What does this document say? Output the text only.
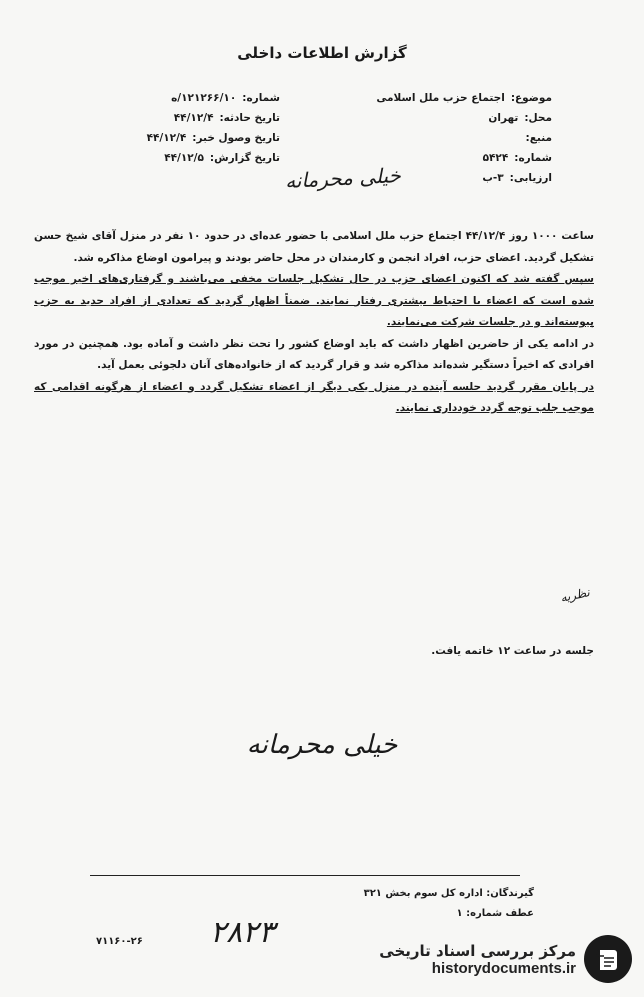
گزارش اطلاعات داخلی
موضوع:
اجتماع حزب ملل اسلامی
محل:
تهران
منبع:
شماره:
۵۴۲۴
ارزیابی:
۳-ب
شماره:
۱۲۱۲۶۶/۱۰/ه
تاریخ حادثه:
۴۴/۱۲/۴
تاریخ وصول خبر:
۴۴/۱۲/۴
تاریخ گزارش:
۴۴/۱۲/۵
خیلی محرمانه

ساعت ۱۰۰۰ روز ۴۴/۱۲/۴ اجتماع حزب ملل اسلامی با حضور عده‌ای در حدود ۱۰ نفر در منزل آقای شیخ حسن تشکیل گردید. اعضای حزب، افراد انجمن و کارمندان در محل حاضر بودند و پیرامون اوضاع مذاکره شد.

سپس گفته شد که اکنون اعضای حزب در حال تشکیل جلسات مخفی می‌باشند و گرفتاری‌های اخیر موجب شده است که اعضاء با احتیاط بیشتری رفتار نمایند. ضمناً اظهار گردید که تعدادی از افراد جدید به حزب پیوسته‌اند و در جلسات شرکت می‌نمایند.

در ادامه یکی از حاضرین اظهار داشت که باید اوضاع کشور را تحت نظر داشت و آماده بود. همچنین در مورد افرادی که اخیراً دستگیر شده‌اند مذاکره شد و قرار گردید که از خانواده‌های آنان دلجوئی بعمل آید.

در پایان مقرر گردید جلسه آینده در منزل یکی دیگر از اعضاء تشکیل گردد و اعضاء از هرگونه اقدامی که موجب جلب توجه گردد خودداری نمایند.

نظریه
جلسه در ساعت ۱۲ خاتمه یافت.
خیلی محرمانه
گیرندگان: اداره کل سوم بخش ۳۲۱
عطف شماره: ۱
۲۸۲۳
۷۱۱۶۰-۲۶	مرکز بررسی اسناد تاریخی
historydocuments.ir
